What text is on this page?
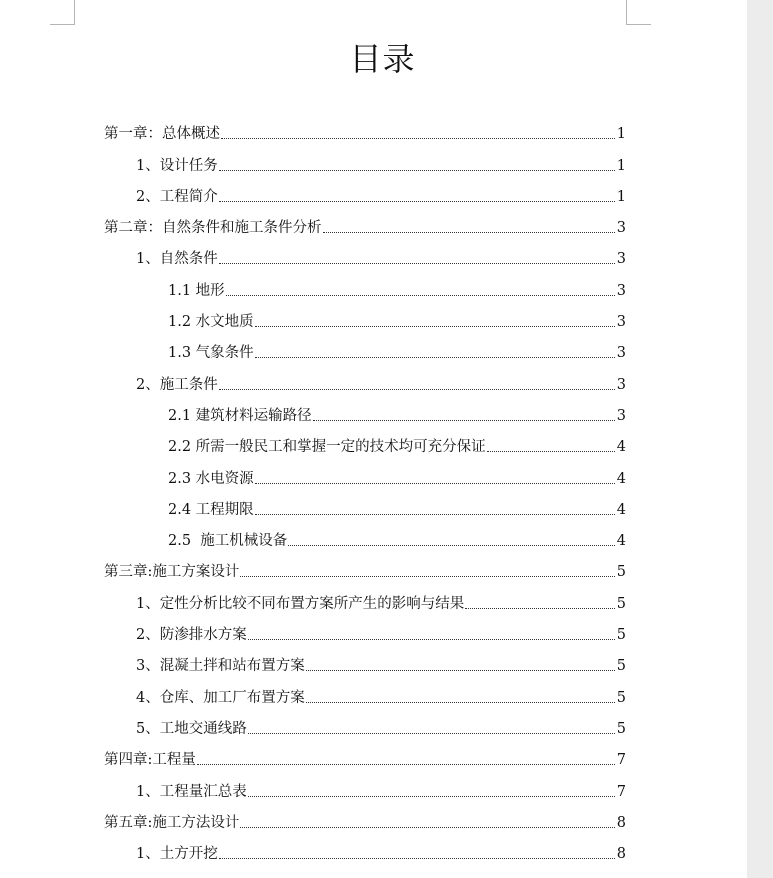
目录
第一章：总体概述	1
1、设计任务	1
2、工程简介	1
第二章：自然条件和施工条件分析	3
1、自然条件	3
1.1 地形	3
1.2 水文地质	3
1.3 气象条件	3
2、施工条件	3
2.1 建筑材料运输路径	3
2.2 所需一般民工和掌握一定的技术均可充分保证	4
2.3 水电资源	4
2.4 工程期限	4
2.5  施工机械设备	4
第三章:施工方案设计	5
1、定性分析比较不同布置方案所产生的影响与结果	5
2、防渗排水方案	5
3、混凝土拌和站布置方案	5
4、仓库、加工厂布置方案	5
5、工地交通线路	5
第四章:工程量	7
1、工程量汇总表	7
第五章:施工方法设计	8
1、土方开挖	8
